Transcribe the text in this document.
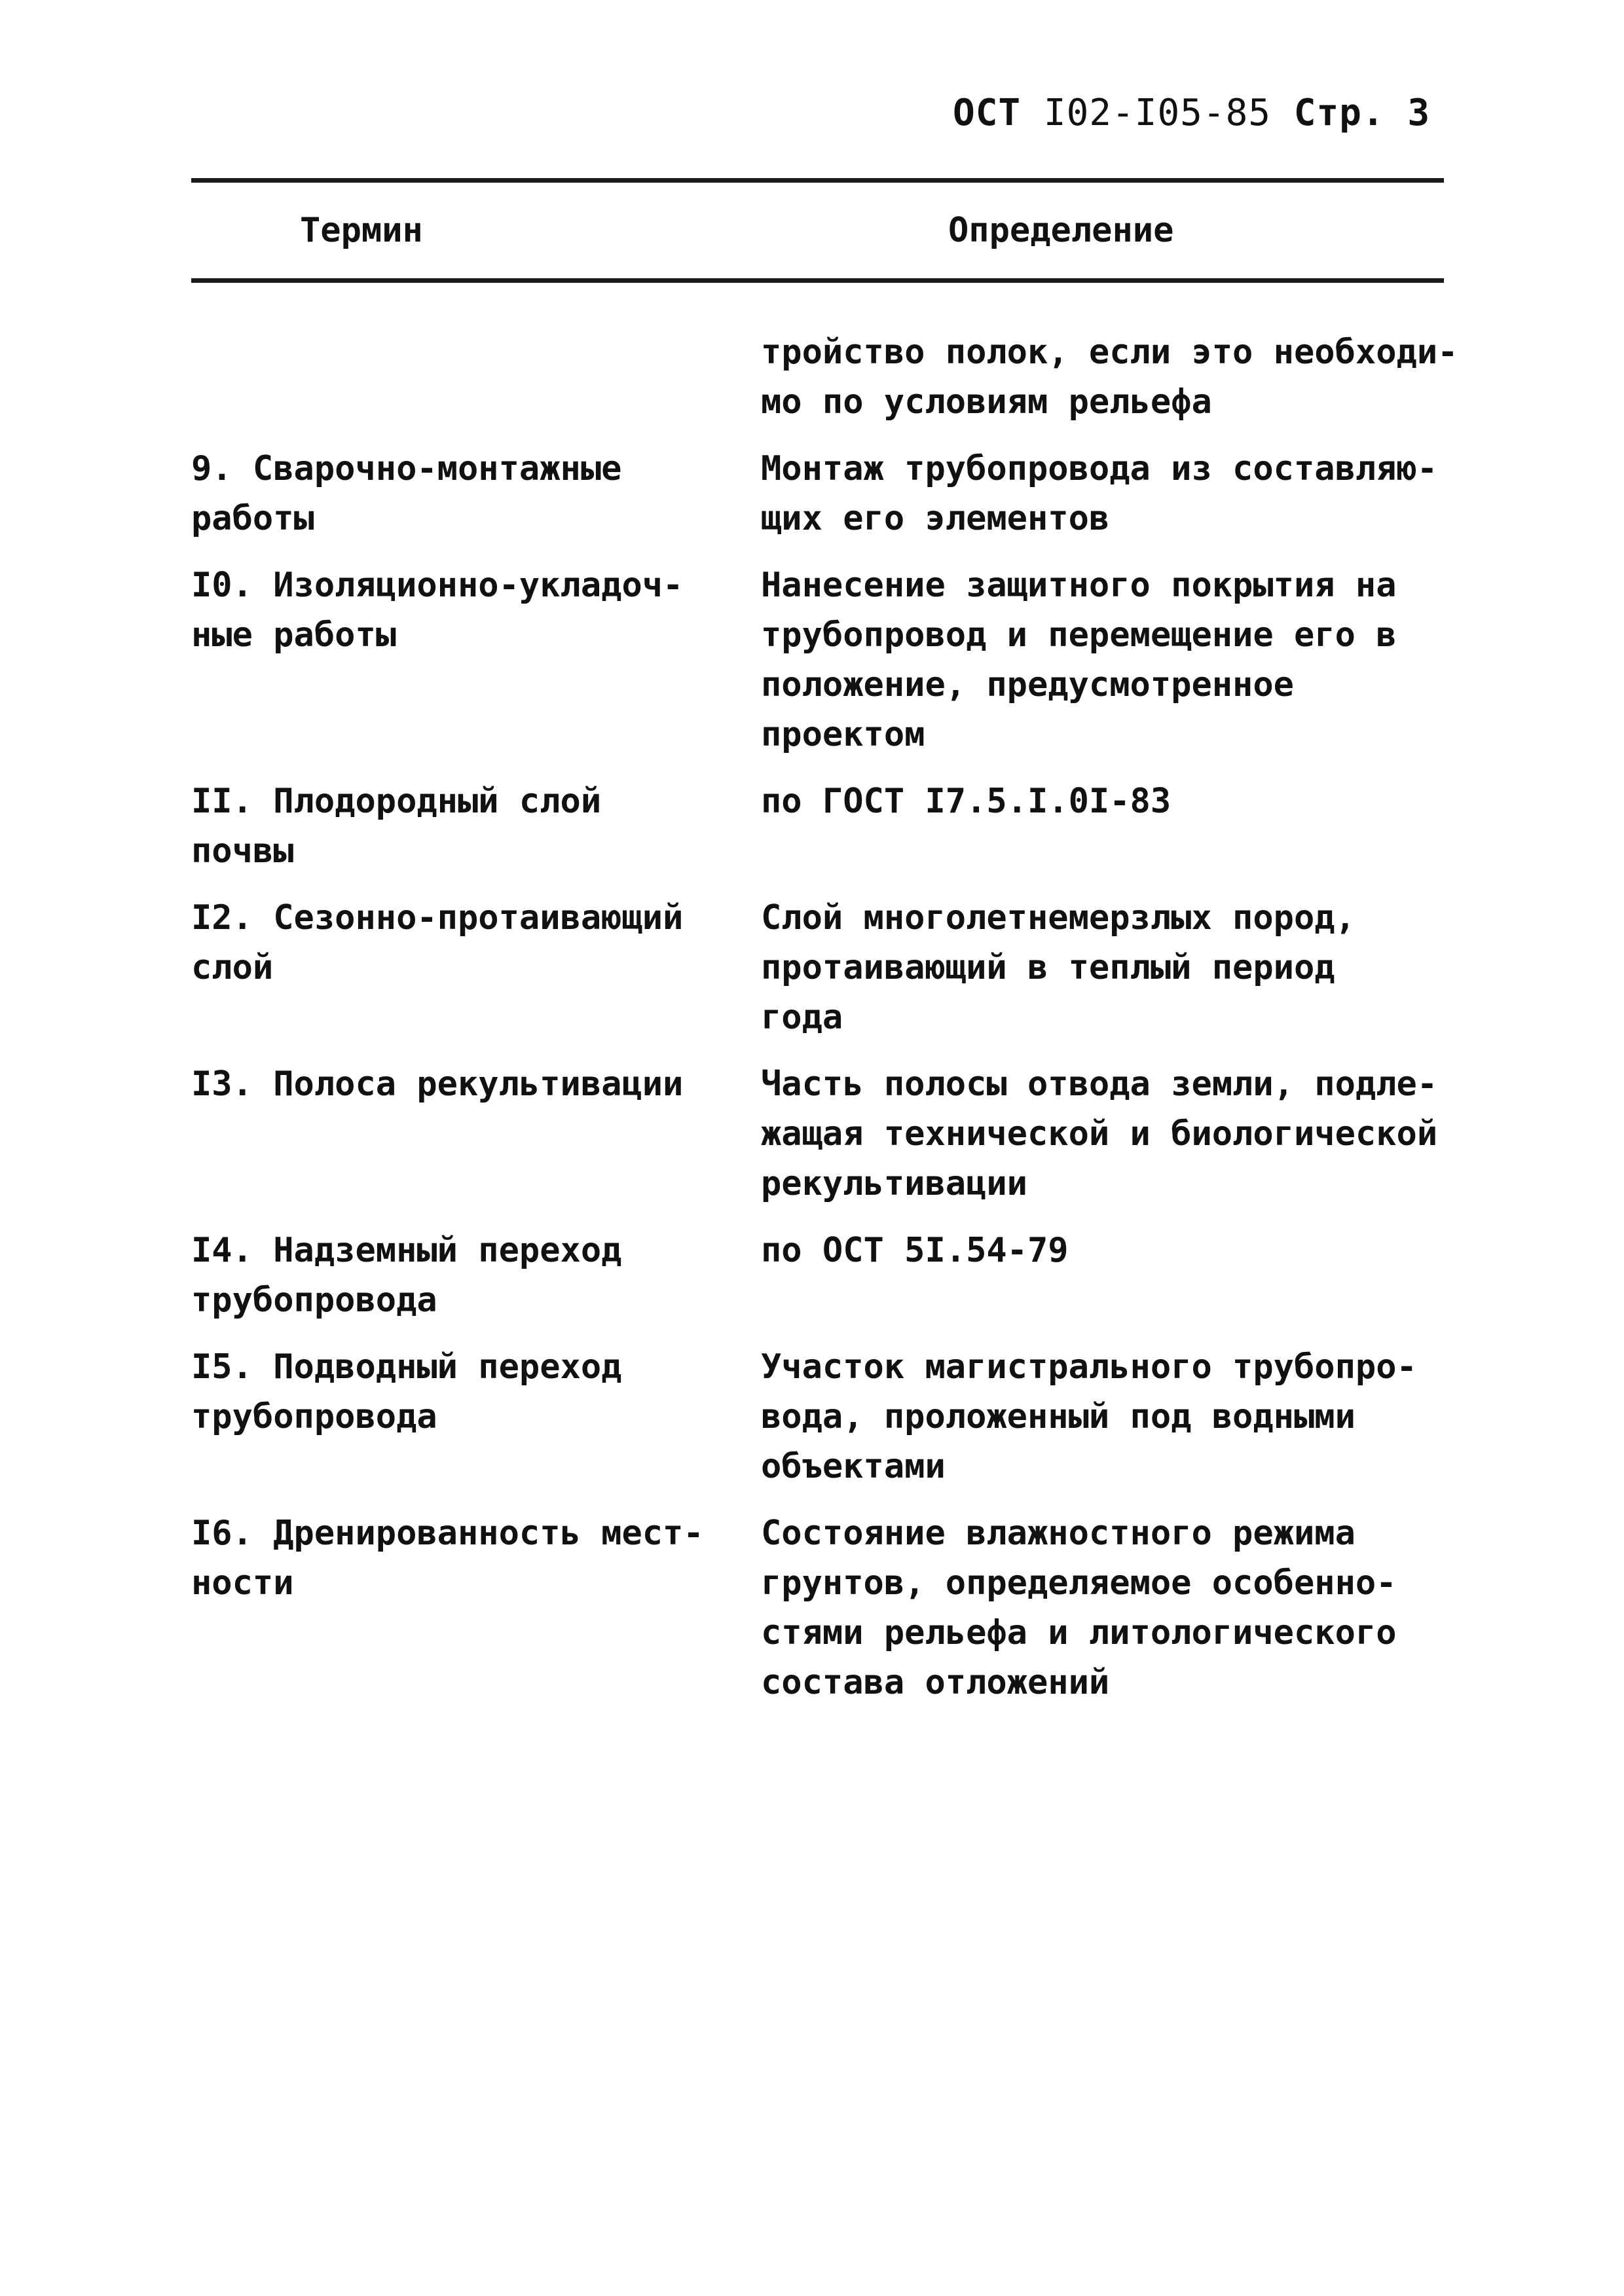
ОСТ I02-I05-85 Стр. 3
Термин	Определение
тройство полок, если это необходи-
мо по условиям рельефа
9. Сварочно-монтажные
работы
Монтаж трубопровода из составляю-
щих его элементов
I0. Изоляционно-укладоч-
ные работы
Нанесение защитного покрытия на
трубопровод и перемещение его в
положение, предусмотренное
проектом
II. Плодородный слой
почвы
по ГОСТ I7.5.I.0I-83
I2. Сезонно-протаивающий
слой
Слой многолетнемерзлых пород,
протаивающий в теплый период
года
I3. Полоса рекультивации	Часть полосы отвода земли, подле-
жащая технической и биологической
рекультивации
I4. Надземный переход
трубопровода
по ОСТ 5I.54-79
I5. Подводный переход
трубопровода
Участок магистрального трубопро-
вода, проложенный под водными
объектами
I6. Дренированность мест-
ности
Состояние влажностного режима
грунтов, определяемое особенно-
стями рельефа и литологического
состава отложений
